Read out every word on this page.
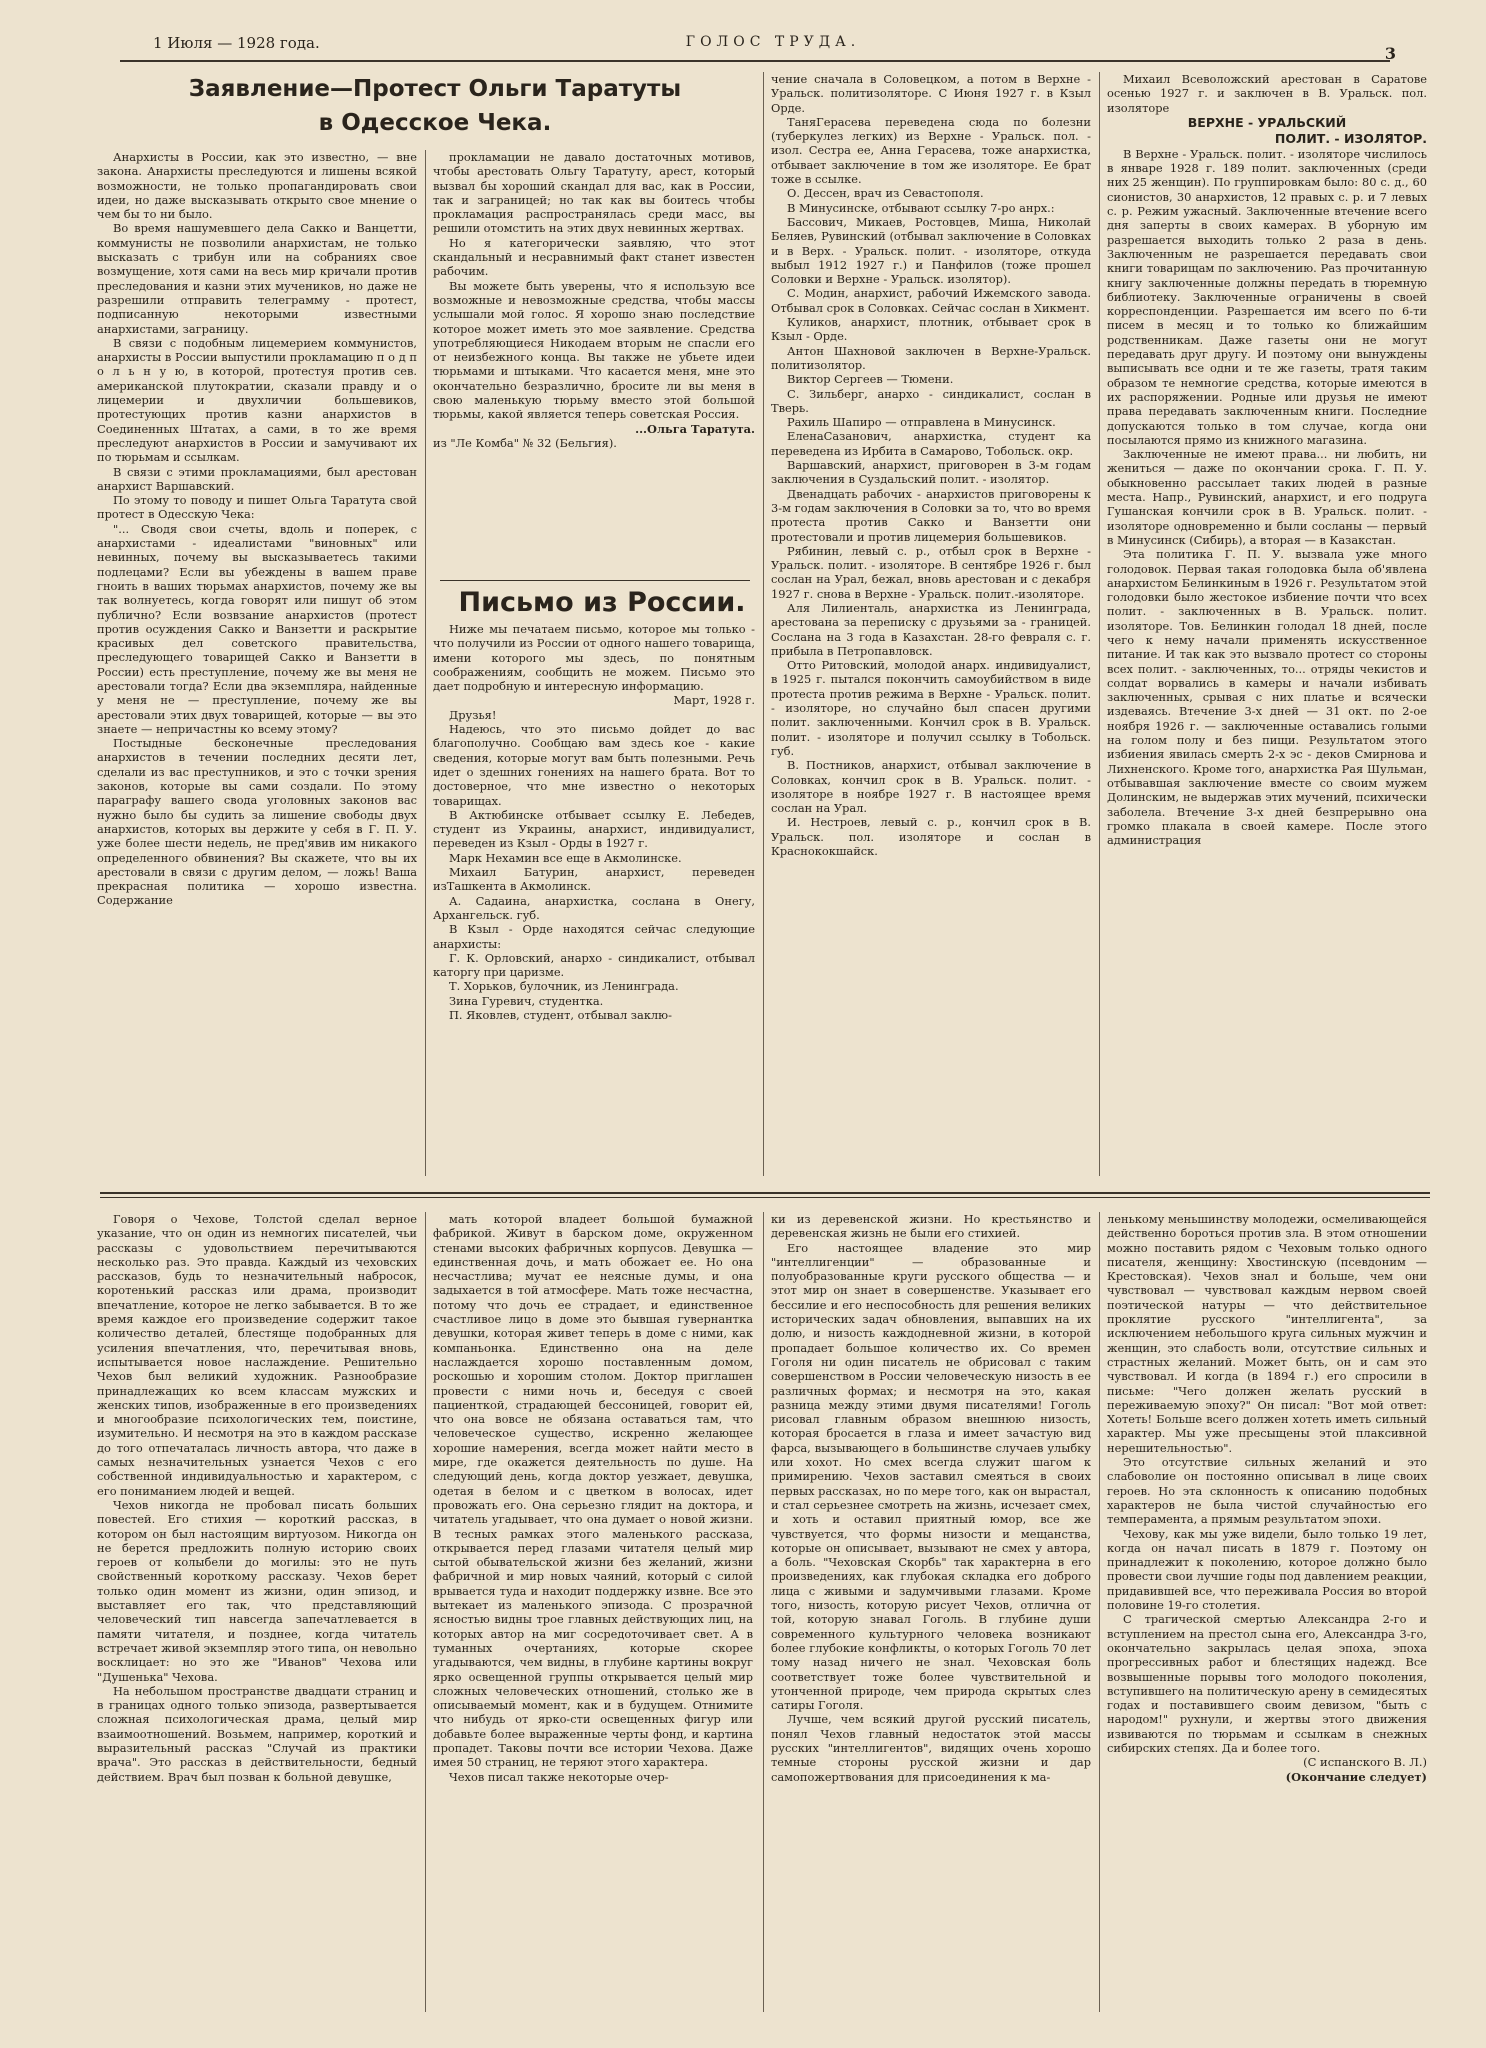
1 Июля — 1928 года.	ГОЛОС ТРУДА.
3

Заявление—Протест Ольги Таратуты

в Одесское Чека.

Анархисты в России, как это известно, — вне закона. Анархисты преследуются и лишены всякой возможности, не только пропагандировать свои идеи, но даже высказывать открыто свое мнение о чем бы то ни было.

Во время нашумевшего дела Сакко и Ванцетти, коммунисты не позволили анархистам, не только высказать с трибун или на собраниях свое возмущение, хотя сами на весь мир кричали против преследования и казни этих мучеников, но даже не разрешили отправить телеграмму - протест, подписанную некоторыми известными анархистами, заграницу.

В связи с подобным лицемерием коммунистов, анархисты в России выпустили прокламацию п о д п о л ь н у ю, в которой, протестуя против сев. американской плутократии, сказали правду и о лицемерии и двухличии большевиков, протестующих против казни анархистов в Соединенных Штатах, а сами, в то же время преследуют анархистов в России и замучивают их по тюрьмам и ссылкам.

В связи с этими прокламациями, был арестован анархист Варшавский.

По этому то поводу и пишет Ольга Таратута свой протест в Одесскую Чека:

"... Сводя свои счеты, вдоль и поперек, с анархистами - идеалистами "виновных" или невинных, почему вы высказываетесь такими подлецами? Если вы убеждены в вашем праве гноить в ваших тюрьмах анархистов, почему же вы так волнуетесь, когда говорят или пишут об этом публично? Если возвзание анархистов (протест против осуждения Сакко и Ванзетти и раскрытие красивых дел советского правительства, преследующего товарищей Сакко и Ванзетти в России) есть преступление, почему же вы меня не арестовали тогда? Если два экземпляра, найденные у меня не — преступление, почему же вы арестовали этих двух товарищей, которые — вы это знаете — непричастны ко всему этому?

Постыдные бесконечные преследования анархистов в течении последних десяти лет, сделали из вас преступников, и это с точки зрения законов, которые вы сами создали. По этому параграфу вашего свода уголовных законов вас нужно было бы судить за лишение свободы двух анархистов, которых вы держите у себя в Г. П. У. уже более шести недель, не пред'явив им никакого определенного обвинения? Вы скажете, что вы их арестовали в связи с другим делом, — ложь! Ваша прекрасная политика — хорошо известна. Содержание

прокламации не давало достаточных мотивов, чтобы арестовать Ольгу Таратуту, арест, который вызвал бы хороший скандал для вас, как в России, так и заграницей; но так как вы боитесь чтобы прокламация распространялась среди масс, вы решили отомстить на этих двух невинных жертвах.

Но я категорически заявляю, что этот скандальный и несравнимый факт станет известен рабочим.

Вы можете быть уверены, что я использую все возможные и невозможные средства, чтобы массы услышали мой голос. Я хорошо знаю последствие которое может иметь это мое заявление. Средства употребляющиеся Никодаем вторым не спасли его от неизбежного конца. Вы также не убьете идеи тюрьмами и штыками. Что касается меня, мне это окончательно безразлично, бросите ли вы меня в свою маленькую тюрьму вместо этой большой тюрьмы, какой является теперь советская Россия.

...Ольга Таратута.

из "Ле Комба" № 32 (Бельгия).

Письмо из России.

Ниже мы печатаем письмо, которое мы только - что получили из России от одного нашего товарища, имени которого мы здесь, по понятным соображениям, сообщить не можем. Письмо это дает подробную и интересную информацию.

Март, 1928 г.

Друзья!

Надеюсь, что это письмо дойдет до вас благополучно. Сообщаю вам здесь кое - какие сведения, которые могут вам быть полезными. Речь идет о здешних гонениях на нашего брата. Вот то достоверное, что мне известно о некоторых товарищах.

В Актюбинске отбывает ссылку Е. Лебедев, студент из Украины, анархист, индивидуалист, переведен из Кзыл - Орды в 1927 г.

Марк Нехамин все еще в Акмолинске.

Михаил Батурин, анархист, переведен изТашкента в Акмолинск.

А. Садаина, анархистка, сослана в Онегу, Архангельск. губ.

В Кзыл - Орде находятся сейчас следующие анархисты:

Г. К. Орловский, анархо - синдикалист, отбывал каторгу при царизме.

Т. Хорьков, булочник, из Ленинграда.

Зина Гуревич, студентка.

П. Яковлев, студент, отбывал заклю-

чение сначала в Соловецком, а потом в Верхне - Уральск. политизоляторе. С Июня 1927 г. в Кзыл Орде.

ТаняГерасева переведена сюда по болезни (туберкулез легких) из Верхне - Уральск. пол. - изол. Сестра ее, Анна Герасева, тоже анархистка, отбывает заключение в том же изоляторе. Ее брат тоже в ссылке.

О. Дессен, врач из Севастополя.

В Минусинске, отбывают ссылку 7-ро анрх.:

Бассович, Микаев, Ростовцев, Миша, Николай Беляев, Рувинский (отбывал заключение в Соловках и в Верх. - Уральск. полит. - изоляторе, откуда выбыл 1912 1927 г.) и Панфилов (тоже прошел Соловки и Верхне - Уральск. изолятор).

С. Модин, анархист, рабочий Ижемского завода. Отбывал срок в Соловках. Сейчас сослан в Хикмент.

Куликов, анархист, плотник, отбывает срок в Кзыл - Орде.

Антон Шахновой заключен в Верхне-Уральск. политизолятор.

Виктор Сергеев — Тюмени.

С. Зильберг, анархо - синдикалист, сослан в Тверь.

Рахиль Шапиро — отправлена в Минусинск.

ЕленаСазанович, анархистка, студент ка переведена из Ирбита в Самарово, Тобольск. окр.

Варшавский, анархист, приговорен в 3-м годам заключения в Суздальский полит. - изолятор.

Двенадцать рабочих - анархистов приговорены к 3-м годам заключения в Соловки за то, что во время протеста против Сакко и Ванзетти они протестовали и против лицемерия большевиков.

Рябинин, левый с. р., отбыл срок в Верхне - Уральск. полит. - изоляторе. В сентябре 1926 г. был сослан на Урал, бежал, вновь арестован и с декабря 1927 г. снова в Верхне - Уральск. полит.-изоляторе.

Аля Лилиенталь, анархистка из Ленинграда, арестована за переписку с друзьями за - границей. Сослана на 3 года в Казахстан. 28-го февраля с. г. прибыла в Петропавловск.

Отто Ритовский, молодой анарх. индивидуалист, в 1925 г. пытался покончить самоубийством в виде протеста против режима в Верхне - Уральск. полит. - изоляторе, но случайно был спасен другими полит. заключенными. Кончил срок в В. Уральск. полит. - изоляторе и получил ссылку в Тобольск. губ.

В. Постников, анархист, отбывал заключение в Соловках, кончил срок в В. Уральск. полит. - изоляторе в ноябре 1927 г. В настоящее время сослан на Урал.

И. Нестроев, левый с. р., кончил срок в В. Уральск. пол. изоляторе и сослан в Краснококшайск.

Михаил Всеволожский арестован в Саратове осенью 1927 г. и заключен в В. Уральск. пол. изоляторе

ВЕРХНЕ - УРАЛЬСКИЙ
ПОЛИТ. - ИЗОЛЯТОР.

В Верхне - Уральск. полит. - изоляторе числилось в январе 1928 г. 189 полит. заключенных (среди них 25 женщин). По группировкам было: 80 с. д., 60 сионистов, 30 анархистов, 12 правых с. р. и 7 левых с. р. Режим ужасный. Заключенные втечение всего дня заперты в своих камерах. В уборную им разрешается выходить только 2 раза в день. Заключенным не разрешается передавать свои книги товарищам по заключению. Раз прочитанную книгу заключенные должны передать в тюремную библиотеку. Заключенные ограничены в своей корреспонденции. Разрешается им всего по 6-ти писем в месяц и то только ко ближайшим родственникам. Даже газеты они не могут передавать друг другу. И поэтому они вынуждены выписывать все одни и те же газеты, тратя таким образом те немногие средства, которые имеются в их распоряжении. Родные или друзья не имеют права передавать заключенным книги. Последние допускаются только в том случае, когда они посылаются прямо из книжного магазина.

Заключенные не имеют права... ни любить, ни жениться — даже по окончании срока. Г. П. У. обыкновенно рассылает таких людей в разные места. Напр., Рувинский, анархист, и его подруга Гушанская кончили срок в В. Уральск. полит. - изоляторе одновременно и были сосланы — первый в Минусинск (Сибирь), а вторая — в Казакстан.

Эта политика Г. П. У. вызвала уже много голодовок. Первая такая голодовка была об'явлена анархистом Белинкиным в 1926 г. Результатом этой голодовки было жестокое избиение почти что всех полит. - заключенных в В. Уральск. полит. изоляторе. Тов. Белинкин голодал 18 дней, после чего к нему начали применять искусственное питание. И так как это вызвало протест со стороны всех полит. - заключенных, то... отряды чекистов и солдат ворвались в камеры и начали избивать заключенных, срывая с них платье и всячески издеваясь. Втечение 3-х дней — 31 окт. по 2-ое ноября 1926 г. — заключенные оставались голыми на голом полу и без пищи. Результатом этого избиения явилась смерть 2-х эс - деков Смирнова и Лихненского. Кроме того, анархистка Рая Шульман, отбывавшая заключение вместе со своим мужем Долинским, не выдержав этих мучений, психически заболела. Втечение 3-х дней безпрерывно она громко плакала в своей камере. После этого администрация

Говоря о Чехове, Толстой сделал верное указание, что он один из немногих писателей, чьи рассказы с удовольствием перечитываются несколько раз. Это правда. Каждый из чеховских рассказов, будь то незначительный набросок, коротенький рассказ или драма, производит впечатление, которое не легко забывается. В то же время каждое его произведение содержит такое количество деталей, блестяще подобранных для усиления впечатления, что, перечитывая вновь, испытывается новое наслаждение. Решительно Чехов был великий художник. Разнообразие принадлежащих ко всем классам мужских и женских типов, изображенные в его произведениях и многообразие психологических тем, поистине, изумительно. И несмотря на это в каждом рассказе до того отпечаталась личность автора, что даже в самых незначительных узнается Чехов с его собственной индивидуальностью и характером, с его пониманием людей и вещей.

Чехов никогда не пробовал писать больших повестей. Его стихия — короткий рассказ, в котором он был настоящим виртуозом. Никогда он не берется предложить полную историю своих героев от колыбели до могилы: это не путь свойственный короткому рассказу. Чехов берет только один момент из жизни, один эпизод, и выставляет его так, что представляющий человеческий тип навсегда запечатлевается в памяти читателя, и позднее, когда читатель встречает живой экземпляр этого типа, он невольно восклицает: но это же "Иванов" Чехова или "Душенька" Чехова.

На небольшом пространстве двадцати страниц и в границах одного только эпизода, развертывается сложная психологическая драма, целый мир взаимоотношений. Возьмем, например, короткий и выразительный рассказ "Случай из практики врача". Это рассказ в действительности, бедный действием. Врач был позван к больной девушке,

мать которой владеет большой бумажной фабрикой. Живут в барском доме, окруженном стенами высоких фабричных корпусов. Девушка — единственная дочь, и мать обожает ее. Но она несчастлива; мучат ее неясные думы, и она задыхается в той атмосфере. Мать тоже несчастна, потому что дочь ее страдает, и единственное счастливое лицо в доме это бывшая гувернантка девушки, которая живет теперь в доме с ними, как компаньонка. Единственно она на деле наслаждается хорошо поставленным домом, роскошью и хорошим столом. Доктор приглашен провести с ними ночь и, беседуя с своей пациенткой, страдающей бессоницей, говорит ей, что она вовсе не обязана оставаться там, что человеческое существо, искренно желающее хорошие намерения, всегда может найти место в мире, где окажется деятельность по душе. На следующий день, когда доктор уезжает, девушка, одетая в белом и с цветком в волосах, идет провожать его. Она серьезно глядит на доктора, и читатель угадывает, что она думает о новой жизни. В тесных рамках этого маленького рассказа, открывается перед глазами читателя целый мир сытой обывательской жизни без желаний, жизни фабричной и мир новых чаяний, который с силой врывается туда и находит поддержку извне. Все это вытекает из маленького эпизода. С прозрачной ясностью видны трое главных действующих лиц, на которых автор на миг сосредоточивает свет. А в туманных очертаниях, которые скорее угадываются, чем видны, в глубине картины вокруг ярко освещенной группы открывается целый мир сложных человеческих отношений, столько же в описываемый момент, как и в будущем. Отнимите что нибудь от ярко-сти освещенных фигур или добавьте более выраженные черты фонд, и картина пропадет. Таковы почти все истории Чехова. Даже имея 50 страниц, не теряют этого характера.

Чехов писал также некоторые очер-

ки из деревенской жизни. Но крестьянство и деревенская жизнь не были его стихией.

Его настоящее владение это мир "интеллигенции" — образованные и полуобразованные круги русского общества — и этот мир он знает в совершенстве. Указывает его бессилие и его неспособность для решения великих исторических задач обновления, выпавших на их долю, и низость каждодневной жизни, в которой пропадает большое количество их. Со времен Гоголя ни один писатель не обрисовал с таким совершенством в России человеческую низость в ее различных формах; и несмотря на это, какая разница между этими двумя писателями! Гоголь рисовал главным образом внешнюю низость, которая бросается в глаза и имеет зачастую вид фарса, вызывающего в большинстве случаев улыбку или хохот. Но смех всегда служит шагом к примирению. Чехов заставил смеяться в своих первых рассказах, но по мере того, как он вырастал, и стал серьезнее смотреть на жизнь, исчезает смех, и хоть и оставил приятный юмор, все же чувствуется, что формы низости и мещанства, которые он описывает, вызывают не смех у автора, а боль. "Чеховская Скорбь" так характерна в его произведениях, как глубокая складка его доброго лица с живыми и задумчивыми глазами. Кроме того, низость, которую рисует Чехов, отлична от той, которую знавал Гоголь. В глубине души современного культурного человека возникают более глубокие конфликты, о которых Гоголь 70 лет тому назад ничего не знал. Чеховская боль соответствует тоже более чувствительной и утонченной природе, чем природа скрытых слез сатиры Гоголя.

Лучше, чем всякий другой русский писатель, понял Чехов главный недостаток этой массы русских "интеллигентов", видящих очень хорошо темные стороны русской жизни и дар самопожертвования для присоединения к ма-

ленькому меньшинству молодежи, осмеливающейся действенно бороться против зла. В этом отношении можно поставить рядом с Чеховым только одного писателя, женщину: Хвостинскую (псевдоним — Крестовская). Чехов знал и больше, чем они чувствовал — чувствовал каждым нервом своей поэтической натуры — что действительное проклятие русского "интеллигента", за исключением небольшого круга сильных мужчин и женщин, это слабость воли, отсутствие сильных и страстных желаний. Может быть, он и сам это чувствовал. И когда (в 1894 г.) его спросили в письме: "Чего должен желать русский в переживаемую эпоху?" Он писал: "Вот мой ответ: Хотеть! Больше всего должен хотеть иметь сильный характер. Мы уже пресыщены этой плаксивной нерешительностью".

Это отсутствие сильных желаний и это слабоволие он постоянно описывал в лице своих героев. Но эта склонность к описанию подобных характеров не была чистой случайностью его темперамента, а прямым результатом эпохи.

Чехову, как мы уже видели, было только 19 лет, когда он начал писать в 1879 г. Поэтому он принадлежит к поколению, которое должно было провести свои лучшие годы под давлением реакции, придавившей все, что переживала Россия во второй половине 19-го столетия.

С трагической смертью Александра 2-го и вступлением на престол сына его, Александра 3-го, окончательно закрылась целая эпоха, эпоха прогрессивных работ и блестящих надежд. Все возвышенные порывы того молодого поколения, вступившего на политическую арену в семидесятых годах и поставившего своим девизом, "быть с народом!" рухнули, и жертвы этого движения извиваются по тюрьмам и ссылкам в снежных сибирских степях. Да и более того.

(С испанского В. Л.)

(Окончание следует)
